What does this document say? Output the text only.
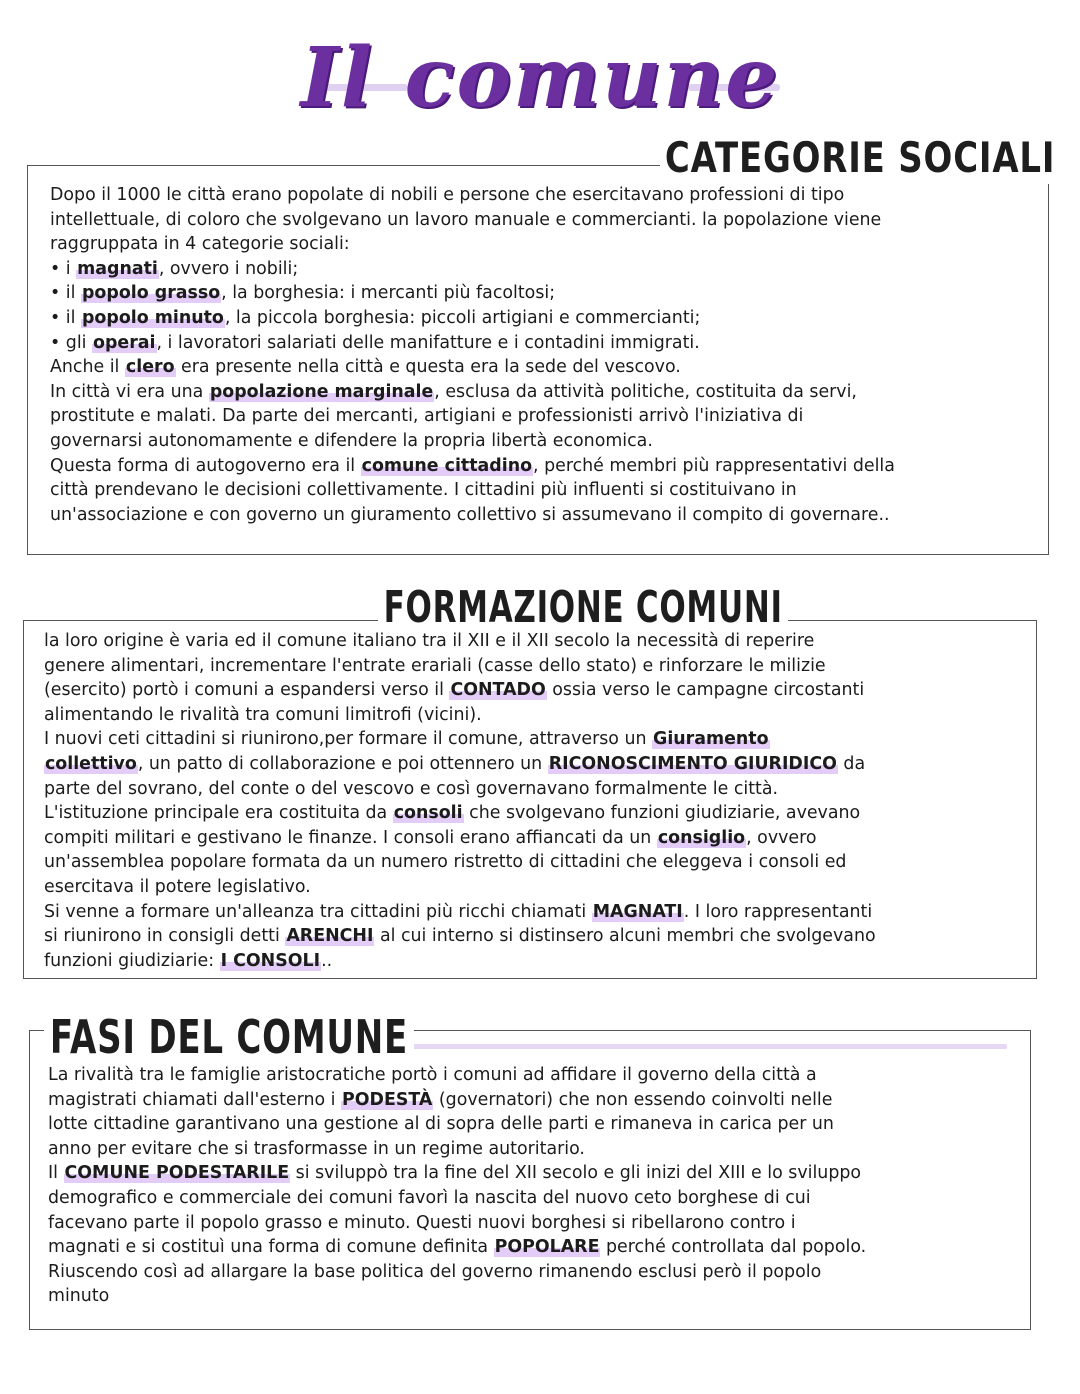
Il comune
CATEGORIE SOCIALI

Dopo il 1000 le città erano popolate di nobili e persone che esercitavano professioni di tipo

intellettuale, di coloro che svolgevano un lavoro manuale e commercianti. la popolazione viene

raggruppata in 4 categorie sociali:

• i magnati, ovvero i nobili;

• il popolo grasso, la borghesia: i mercanti più facoltosi;

• il popolo minuto, la piccola borghesia: piccoli artigiani e commercianti;

• gli operai, i lavoratori salariati delle manifatture e i contadini immigrati.

Anche il clero era presente nella città e questa era la sede del vescovo.

In città vi era una popolazione marginale, esclusa da attività politiche, costituita da servi,

prostitute e malati. Da parte dei mercanti, artigiani e professionisti arrivò l'iniziativa di

governarsi autonomamente e difendere la propria libertà economica.

Questa forma di autogoverno era il comune cittadino, perché membri più rappresentativi della

città prendevano le decisioni collettivamente. I cittadini più influenti si costituivano in

un'associazione e con governo un giuramento collettivo si assumevano il compito di governare..

FORMAZIONE COMUNI

la loro origine è varia ed il comune italiano tra il XII e il XII secolo la necessità di reperire

genere alimentari, incrementare l'entrate erariali (casse dello stato) e rinforzare le milizie

(esercito) portò i comuni a espandersi verso il CONTADO ossia verso le campagne circostanti

alimentando le rivalità tra comuni limitrofi (vicini).

I nuovi ceti cittadini si riunirono,per formare il comune, attraverso un Giuramento

collettivo, un patto di collaborazione e poi ottennero un RICONOSCIMENTO GIURIDICO da

parte del sovrano, del conte o del vescovo e così governavano formalmente le città.

L'istituzione principale era costituita da consoli che svolgevano funzioni giudiziarie, avevano

compiti militari e gestivano le finanze. I consoli erano affiancati da un consiglio, ovvero

un'assemblea popolare formata da un numero ristretto di cittadini che eleggeva i consoli ed

esercitava il potere legislativo.

Si venne a formare un'alleanza tra cittadini più ricchi chiamati MAGNATI. I loro rappresentanti

si riunirono in consigli detti ARENCHI al cui interno si distinsero alcuni membri che svolgevano

funzioni giudiziarie: I CONSOLI..

FASI DEL COMUNE

La rivalità tra le famiglie aristocratiche portò i comuni ad affidare il governo della città a

magistrati chiamati dall'esterno i PODESTÀ (governatori) che non essendo coinvolti nelle

lotte cittadine garantivano una gestione al di sopra delle parti e rimaneva in carica per un

anno per evitare che si trasformasse in un regime autoritario.

Il COMUNE PODESTARILE si sviluppò tra la fine del XII secolo e gli inizi del XIII e lo sviluppo

demografico e commerciale dei comuni favorì la nascita del nuovo ceto borghese di cui

facevano parte il popolo grasso e minuto. Questi nuovi borghesi si ribellarono contro i

magnati e si costituì una forma di comune definita POPOLARE perché controllata dal popolo.

Riuscendo così ad allargare la base politica del governo rimanendo esclusi però il popolo

minuto
